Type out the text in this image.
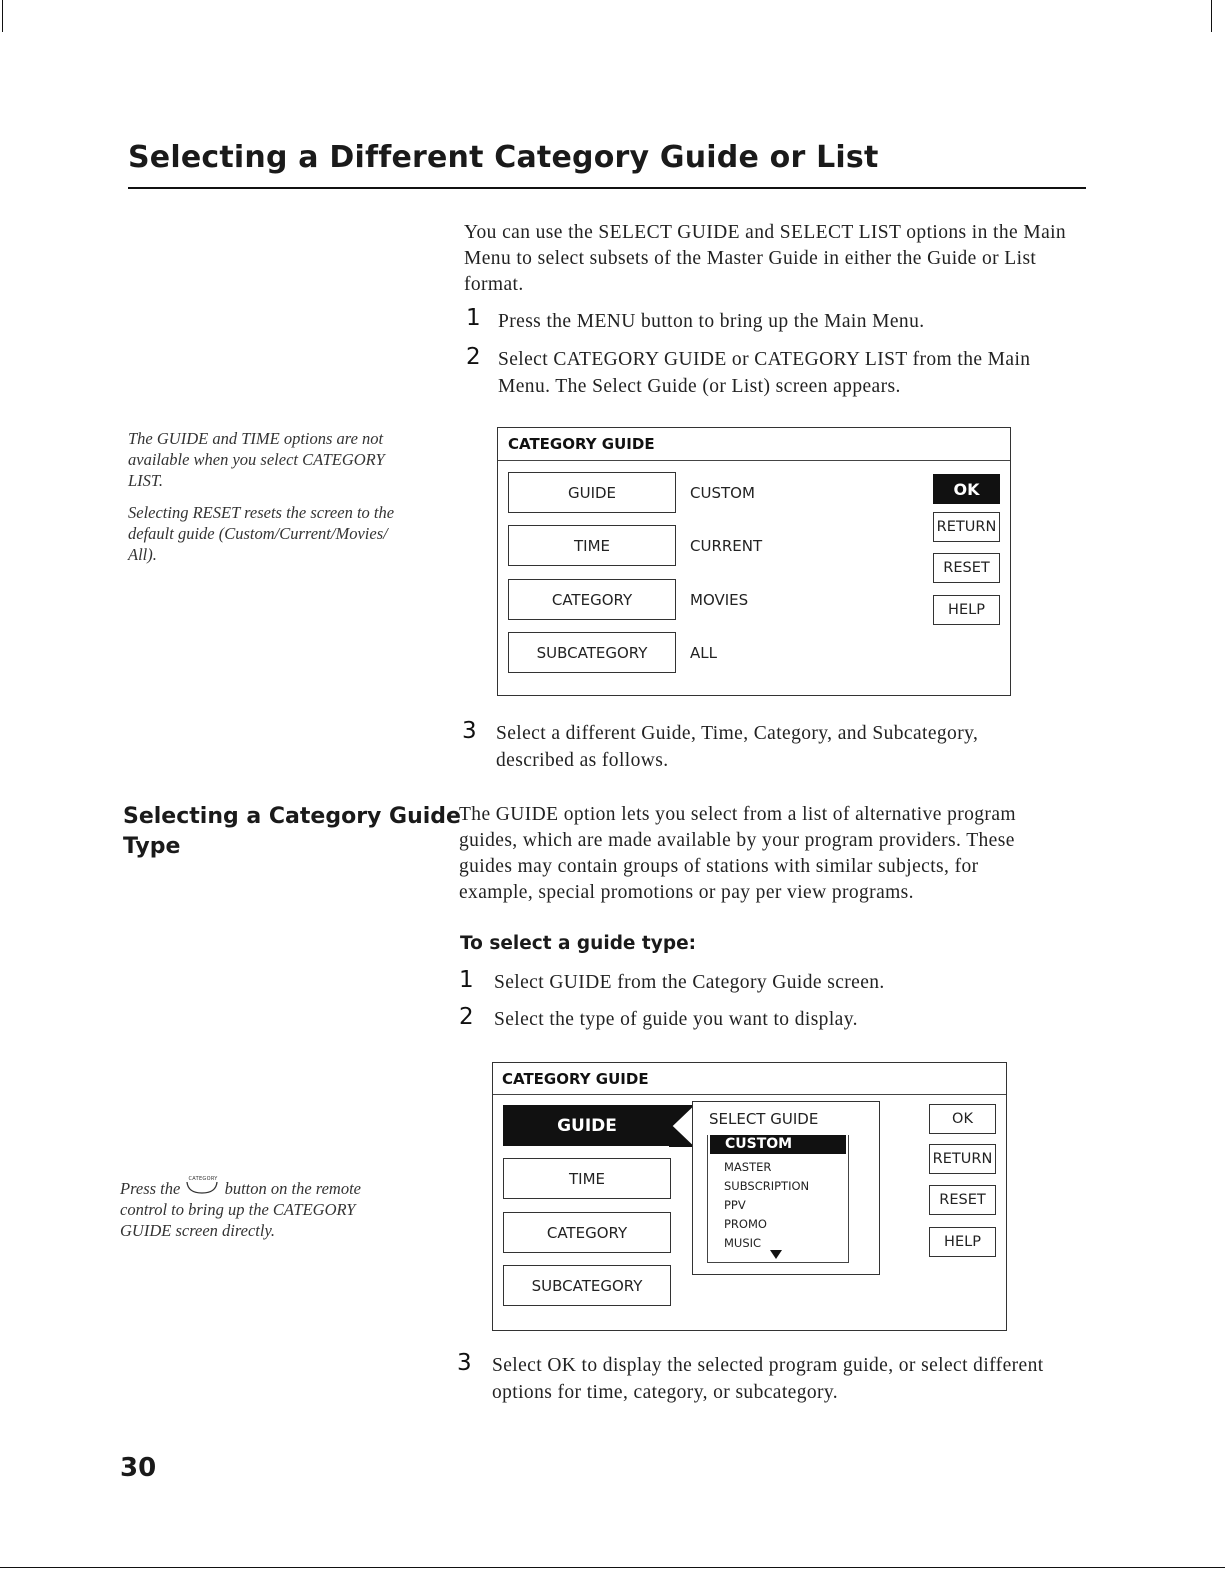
Selecting a Different Category Guide or List
You can use the SELECT GUIDE and SELECT LIST options in the Main
Menu to select subsets of the Master Guide in either the Guide or List
format.
1 Press the MENU button to bring up the Main Menu.
2 Select CATEGORY GUIDE or CATEGORY LIST from the Main
Menu. The Select Guide (or List) screen appears.
The GUIDE and TIME options are not
available when you select CATEGORY
LIST.
Selecting RESET resets the screen to the
default guide (Custom/Current/Movies/
All).
CATEGORY GUIDE
GUIDE	CUSTOM
TIME	CURRENT
CATEGORY	MOVIES
SUBCATEGORY	ALL
OK
RETURN
RESET
HELP
3 Select a different Guide, Time, Category, and Subcategory,
described as follows.
Selecting a Category Guide
Type
The GUIDE option lets you select from a list of alternative program
guides, which are made available by your program providers. These
guides may contain groups of stations with similar subjects, for
example, special promotions or pay per view programs.
To select a guide type:
1 Select GUIDE from the Category Guide screen.
2 Select the type of guide you want to display.
Press the CATEGORY button on the remote
control to bring up the CATEGORY
GUIDE screen directly.
CATEGORY GUIDE
GUIDE
TIME
CATEGORY
SUBCATEGORY
SELECT GUIDE
CUSTOM
MASTER
SUBSCRIPTION
PPV
PROMO
MUSIC
OK
RETURN
RESET
HELP
3 Select OK to display the selected program guide, or select different
options for time, category, or subcategory.
30
